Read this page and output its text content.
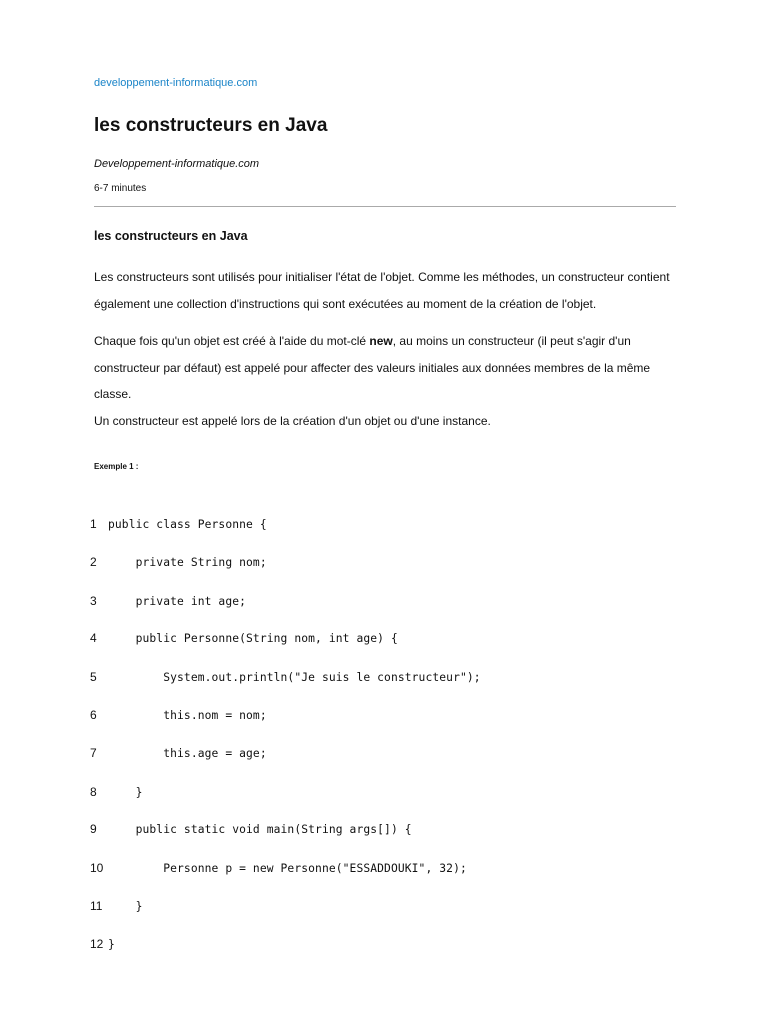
developpement-informatique.com
les constructeurs en Java
Developpement-informatique.com
6-7 minutes
les constructeurs en Java

Les constructeurs sont utilisés pour initialiser l'état de l'objet. Comme les méthodes, un constructeur contient également une collection d'instructions qui sont exécutées au moment de la création de l'objet.

Chaque fois qu'un objet est créé à l'aide du mot-clé new, au moins un constructeur (il peut s'agir d'un constructeur par défaut) est appelé pour affecter des valeurs initiales aux données membres de la même classe.
Un constructeur est appelé lors de la création d'un objet ou d'une instance.

Exemple 1 :
1 public class Personne {
2    private String nom;
3    private int age;
4    public Personne(String nom, int age) {
5        System.out.println("Je suis le constructeur");
6        this.nom = nom;
7        this.age = age;
8    }
9    public static void main(String args[]) {
10        Personne p = new Personne("ESSADDOUKI", 32);
11    }
12 }
